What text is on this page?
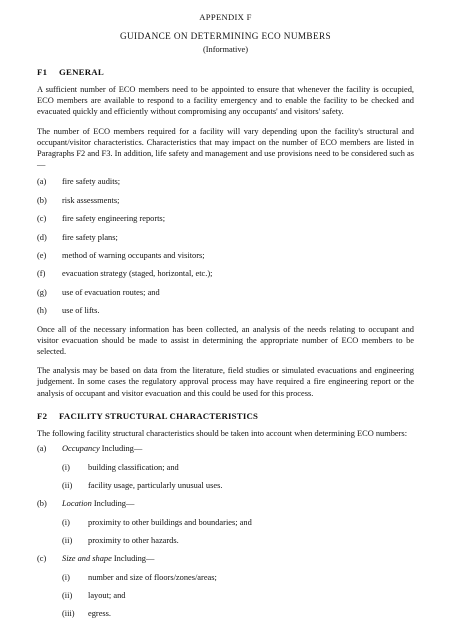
APPENDIX F
GUIDANCE ON DETERMINING ECO NUMBERS
(Informative)
F1 GENERAL

A sufficient number of ECO members need to be appointed to ensure that whenever the facility is occupied, ECO members are available to respond to a facility emergency and to enable the facility to be checked and evacuated quickly and efficiently without compromising any occupants' and visitors' safety.

The number of ECO members required for a facility will vary depending upon the facility's structural and occupant/visitor characteristics. Characteristics that may impact on the number of ECO members are listed in Paragraphs F2 and F3. In addition, life safety and management and use provisions need to be considered such as—

(a)	fire safety audits;
(b)	risk assessments;
(c)	fire safety engineering reports;
(d)	fire safety plans;
(e)	method of warning occupants and visitors;
(f)	evacuation strategy (staged, horizontal, etc.);
(g)	use of evacuation routes; and
(h)	use of lifts.

Once all of the necessary information has been collected, an analysis of the needs relating to occupant and visitor evacuation should be made to assist in determining the appropriate number of ECO members to be selected.

The analysis may be based on data from the literature, field studies or simulated evacuations and engineering judgement. In some cases the regulatory approval process may have required a fire engineering report or the analysis of occupant and visitor evacuation and this could be used for this process.

F2 FACILITY STRUCTURAL CHARACTERISTICS

The following facility structural characteristics should be taken into account when determining ECO numbers:

(a)	Occupancy Including—
(i)	building classification; and
(ii)	facility usage, particularly unusual uses.
(b)	Location Including—
(i)	proximity to other buildings and boundaries; and
(ii)	proximity to other hazards.
(c)	Size and shape Including—
(i)	number and size of floors/zones/areas;
(ii)	layout; and
(iii)	egress.
